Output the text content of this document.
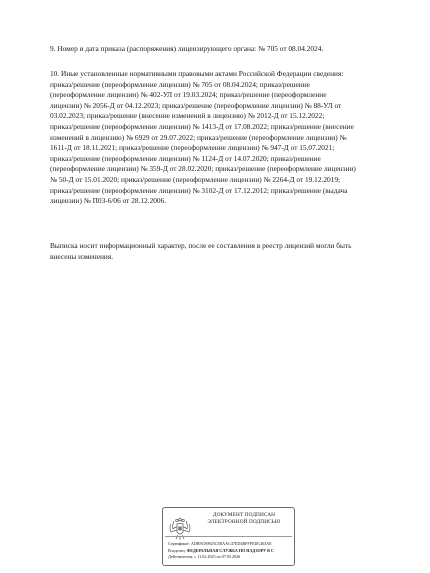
9. Номер и дата приказа (распоряжения) лицензирующего органа: № 705 от 08.04.2024.

10. Иные установленные нормативными правовыми актами Российской Федерации сведения:
приказ/решение (переоформление лицензии) № 705 от 08.04.2024; приказ/решение
(переоформление лицензии) № 402-УЛ от 19.03.2024; приказ/решение (переоформление
лицензии) № 2056-Д от 04.12.2023; приказ/решение (переоформление лицензии) № 88-УЛ от
03.02.2023; приказ/решение (внесение изменений в лицензию) № 2012-Д от 15.12.2022;
приказ/решение (переоформление лицензии) № 1413-Д от 17.08.2022; приказ/решение (внесение
изменений в лицензию) № 6929 от 29.07.2022; приказ/решение (переоформление лицензии) №
1611-Д от 18.11.2021; приказ/решение (переоформление лицензии) № 947-Д от 15.07.2021;
приказ/решение (переоформление лицензии) № 1124-Д от 14.07.2020; приказ/решение
(переоформление лицензии) № 359-Д от 28.02.2020; приказ/решение (переоформление лицензии)
№ 50-Д от 15.01.2020; приказ/решение (переоформление лицензии) № 2264-Д от 19.12.2019;
приказ/решение (переоформление лицензии) № 3102-Д от 17.12.2012; приказ/решение (выдача
лицензии) № П03-6/06 от 28.12.2006.

Выписка носит информационный характер, после ее составления в реестр лицензий могли быть
внесены изменения.

ДОКУМЕНТ ПОДПИСАН
ЭЛЕКТРОННОЙ ПОДПИСЬЮ
Сертификат: ADB9C89925C5BAAC47ED4BFFFEDC463AE
Владелец: ФЕДЕРАЛЬНАЯ СЛУЖБА ПО НАДЗОРУ В С
Действителен: с 11.02.2025 по 07.05.2026
